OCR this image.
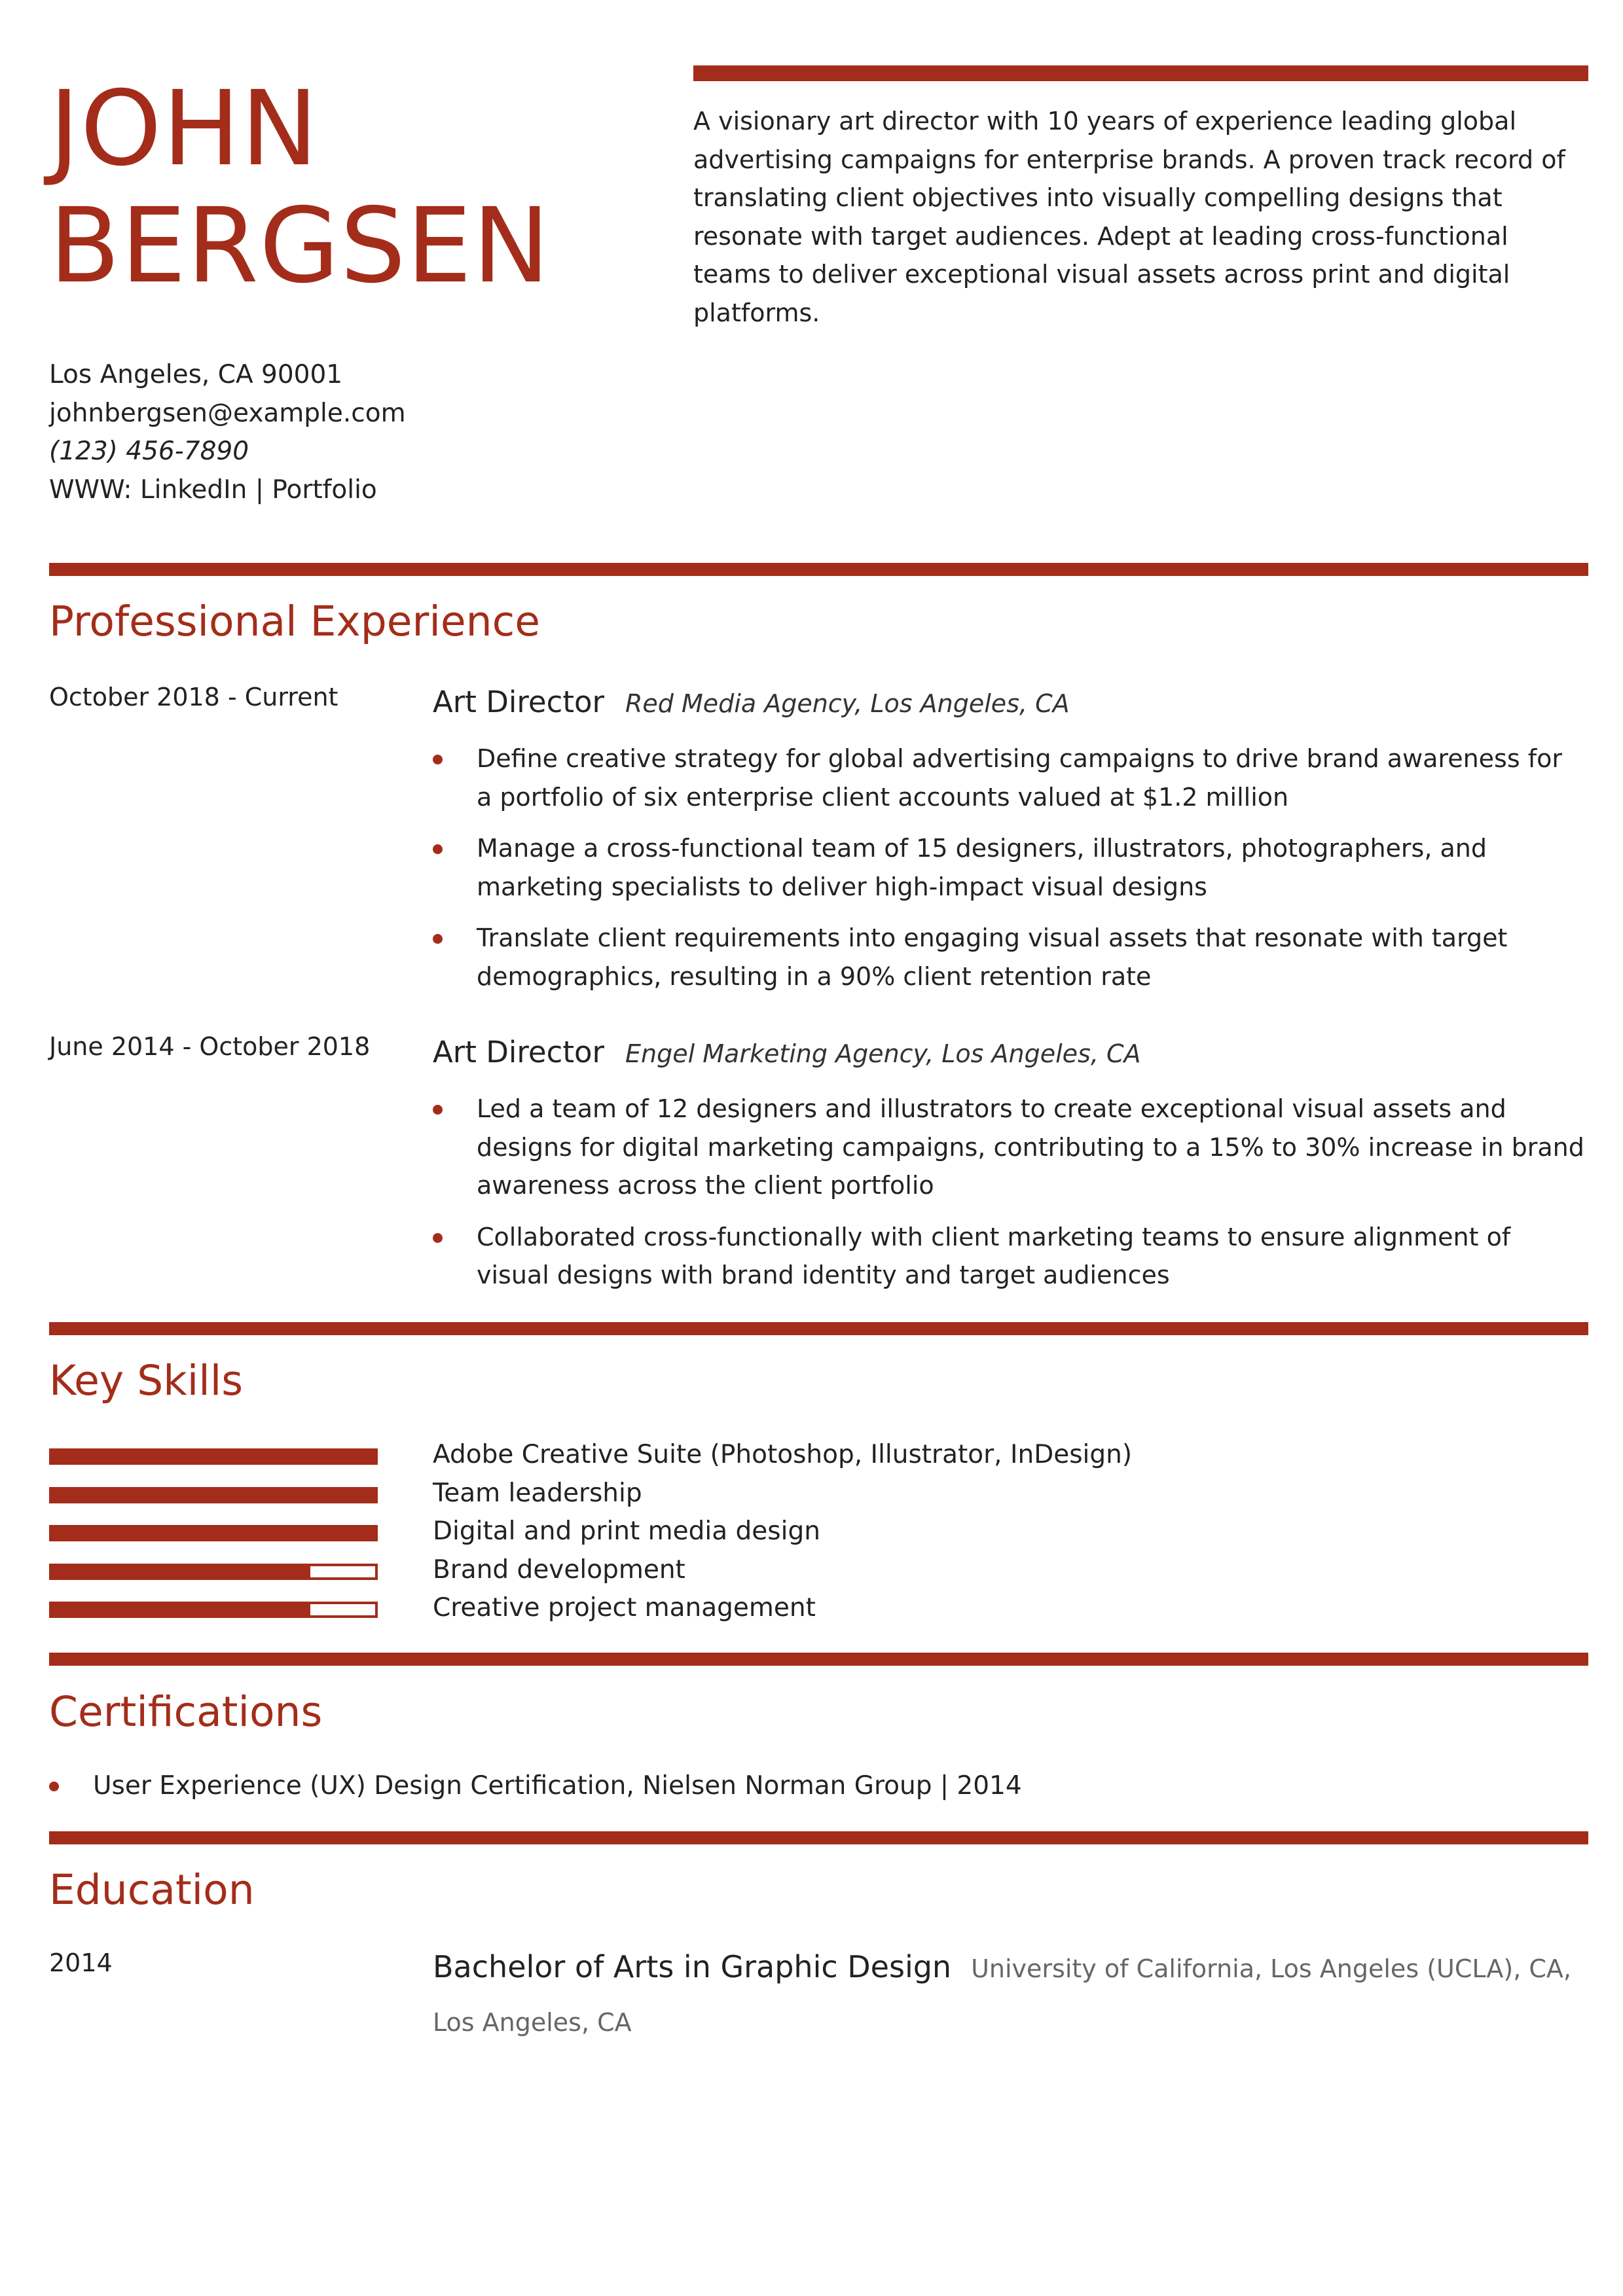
JOHN
BERGSEN

A visionary art director with 10 years of experience leading global advertising campaigns for enterprise brands. A proven track record of translating client objectives into visually compelling designs that resonate with target audiences. Adept at leading cross-functional teams to deliver exceptional visual assets across print and digital platforms.

Los Angeles, CA 90001
johnbergsen@example.com
(123) 456-7890
WWW: LinkedIn | Portfolio
Professional Experience
October 2018 - Current	Art Director Red Media Agency, Los Angeles, CA
Define creative strategy for global advertising campaigns to drive brand awareness for a portfolio of six enterprise client accounts valued at $1.2 million
Manage a cross-functional team of 15 designers, illustrators, photographers, and marketing specialists to deliver high-impact visual designs
Translate client requirements into engaging visual assets that resonate with target demographics, resulting in a 90% client retention rate
June 2014 - October 2018 Art Director Engel Marketing Agency, Los Angeles, CA
Led a team of 12 designers and illustrators to create exceptional visual assets and designs for digital marketing campaigns, contributing to a 15% to 30% increase in brand awareness across the client portfolio
Collaborated cross-functionally with client marketing teams to ensure alignment of visual designs with brand identity and target audiences
Key Skills
Adobe Creative Suite (Photoshop, Illustrator, InDesign)
Team leadership
Digital and print media design
Brand development
Creative project management
Certifications
User Experience (UX) Design Certification, Nielsen Norman Group | 2014
Education
2014	Bachelor of Arts in Graphic Design University of California, Los Angeles (UCLA), CA, Los Angeles, CA
